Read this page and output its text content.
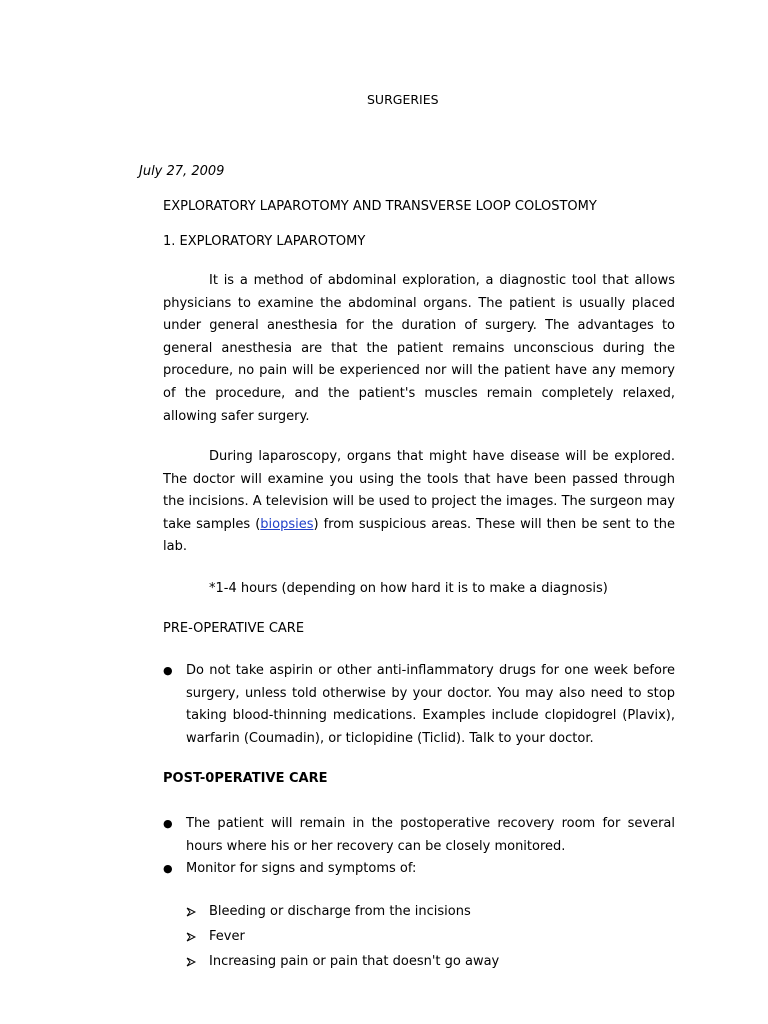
SURGERIES
July 27, 2009
EXPLORATORY LAPAROTOMY AND TRANSVERSE LOOP COLOSTOMY
1. EXPLORATORY LAPAROTOMY

It is a method of abdominal exploration, a diagnostic tool that allows physicians to examine the abdominal organs. The patient is usually placed under general anesthesia for the duration of surgery. The advantages to general anesthesia are that the patient remains unconscious during the procedure, no pain will be experienced nor will the patient have any memory of the procedure, and the patient's muscles remain completely relaxed, allowing safer surgery.

During laparoscopy, organs that might have disease will be explored. The doctor will examine you using the tools that have been passed through the incisions. A television will be used to project the images. The surgeon may take samples (biopsies) from suspicious areas. These will then be sent to the lab.

*1-4 hours (depending on how hard it is to make a diagnosis)
PRE-OPERATIVE CARE
● Do not take aspirin or other anti-inflammatory drugs for one week before surgery, unless told otherwise by your doctor. You may also need to stop taking blood-thinning medications. Examples include clopidogrel (Plavix), warfarin (Coumadin), or ticlopidine (Ticlid). Talk to your doctor.
POST-0PERATIVE CARE
● The patient will remain in the postoperative recovery room for several hours where his or her recovery can be closely monitored.
● Monitor for signs and symptoms of:
Bleeding or discharge from the incisions
Fever
Increasing pain or pain that doesn't go away
